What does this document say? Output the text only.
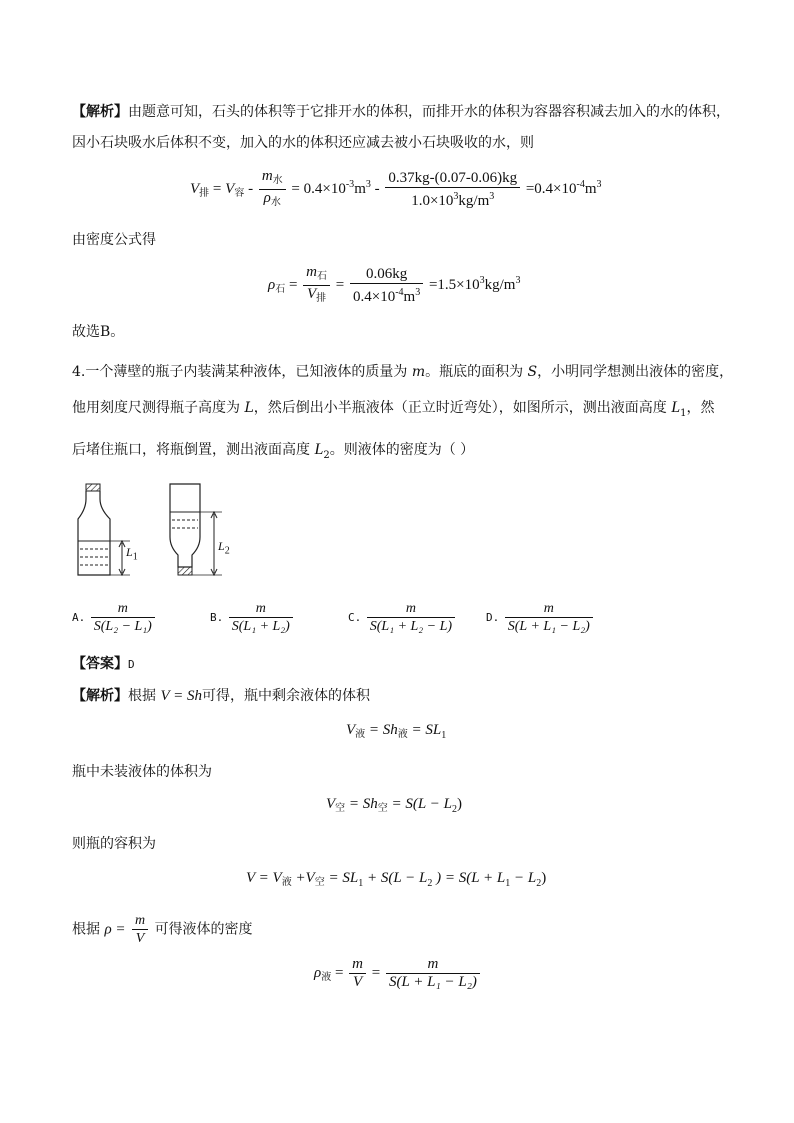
【解析】由题意可知，石头的体积等于它排开水的体积，而排开水的体积为容器容积减去加入的水的体积，
因小石块吸水后体积不变，加入的水的体积还应减去被小石块吸收的水，则
$V_排 = V_容 - \frac{m_水}{\rho_水} = 0.4\times 10^{-3}m^3 - \frac{0.37kg-(0.07-0.06)kg}{1.0\times 10^3kg/m^3} =0.4\times 10^{-4}m^3$
由密度公式得
$\rho_石 = \frac{m_石}{V_排} = \frac{0.06kg}{0.4\times 10^{-4}m^3} =1.5\times 10^3kg/m^3$
故选B。
4.一个薄壁的瓶子内装满某种液体，已知液体的质量为 m。瓶底的面积为 S，小明同学想测出液体的密度，
他用刻度尺测得瓶子高度为 L，然后倒出小半瓶液体（正立时近弯处），如图所示，测出液面高度 $L_1$，然
后堵住瓶口，将瓶倒置，测出液面高度 $L_2$。则液体的密度为（ ）
$L_1$
$L_2$
A. $\frac{m}{\text{S(L₂ − L₁)}}$	B. $\frac{m}{\text{S(L₁ + L₂)}}$	C. $\frac{m}{\text{S(L₁ + L₂ − L)}}$	D. $\frac{m}{\text{S(L + L₁ − L₂)}}$
【答案】D
【解析】根据 V = Sh可得，瓶中剩余液体的体积
$V_液 = Sh_液 = SL_1$
瓶中未装液体的体积为
$V_空 = Sh_空 = S(L - L_2)$
则瓶的容积为
$V = V_液 +V_空 = SL_1 + S(L - L_2$ ) = $S(L + L_1 - L_2)$
根据 $\rho = \frac{m}{V}$ 可得液体的密度
$\rho_液 = \frac{m}{V} = \frac{m}{\text{S(L + L₁ − L₂)}}$
